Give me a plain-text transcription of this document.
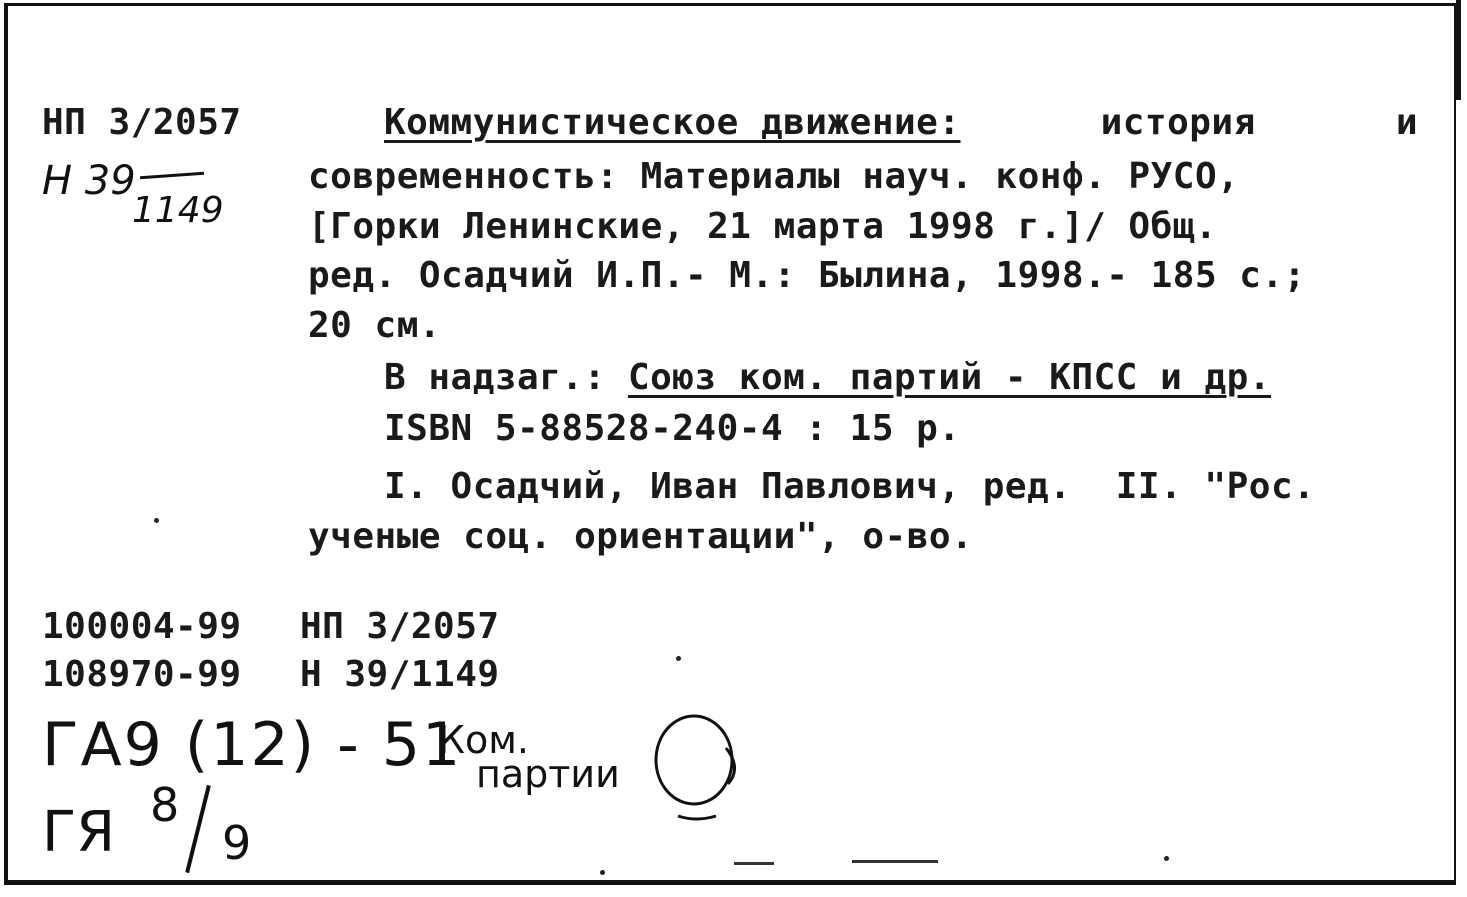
НП 3/2057
Н 39
1149
Коммунистическое движение:	история	и
современность: Материалы науч. конф. РУСО,
[Горки Ленинские, 21 марта 1998 г.]/ Общ.
ред. Осадчий И.П.- М.: Былина, 1998.- 185 с.;
20 см.
В надзаг.: Союз ком. партий - КПСС и др.
ISBN 5-88528-240-4 : 15 р.
I. Осадчий, Иван Павлович, ред.  II. "Рос.
ученые соц. ориентации", о-во.
100004-99 НП 3/2057
108970-99 Н 39/1149
ГА9 (12) - 51
Ком.
партии
ГЯ 8
9
